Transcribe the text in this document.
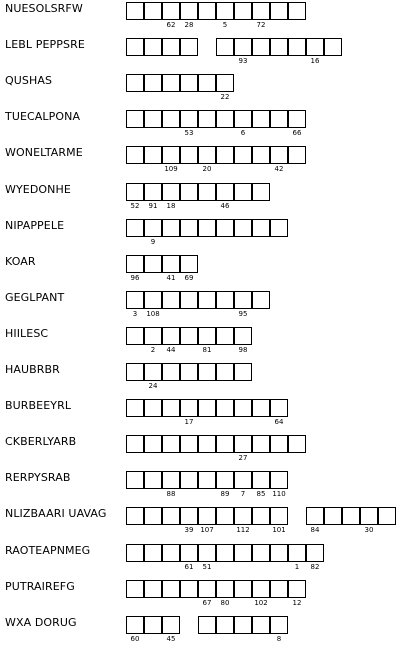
NUESOLSRFW
62	28	5	72
LEBL PEPPSRE
93	16
QUSHAS
22
TUECALPONA
53	6	66
WONELTARME
109	20	42
WYEDONHE
52	91	18	46
NIPAPPELE
9
KOAR
96	41	69
GEGLPANT
3	108	95
HIILESC
2	44	81	98
HAUBRBR
24
BURBEEYRL
17	64
CKBERLYARB
27
RERPYSRAB
88	89	7	85 110
NLIZBAARI UAVAG
39 107	112	101	84	30
RAOTEAPNMEG
61	51	1	82
PUTRAIREFG
67	80	102	12
WXA DORUG
60	45	8
